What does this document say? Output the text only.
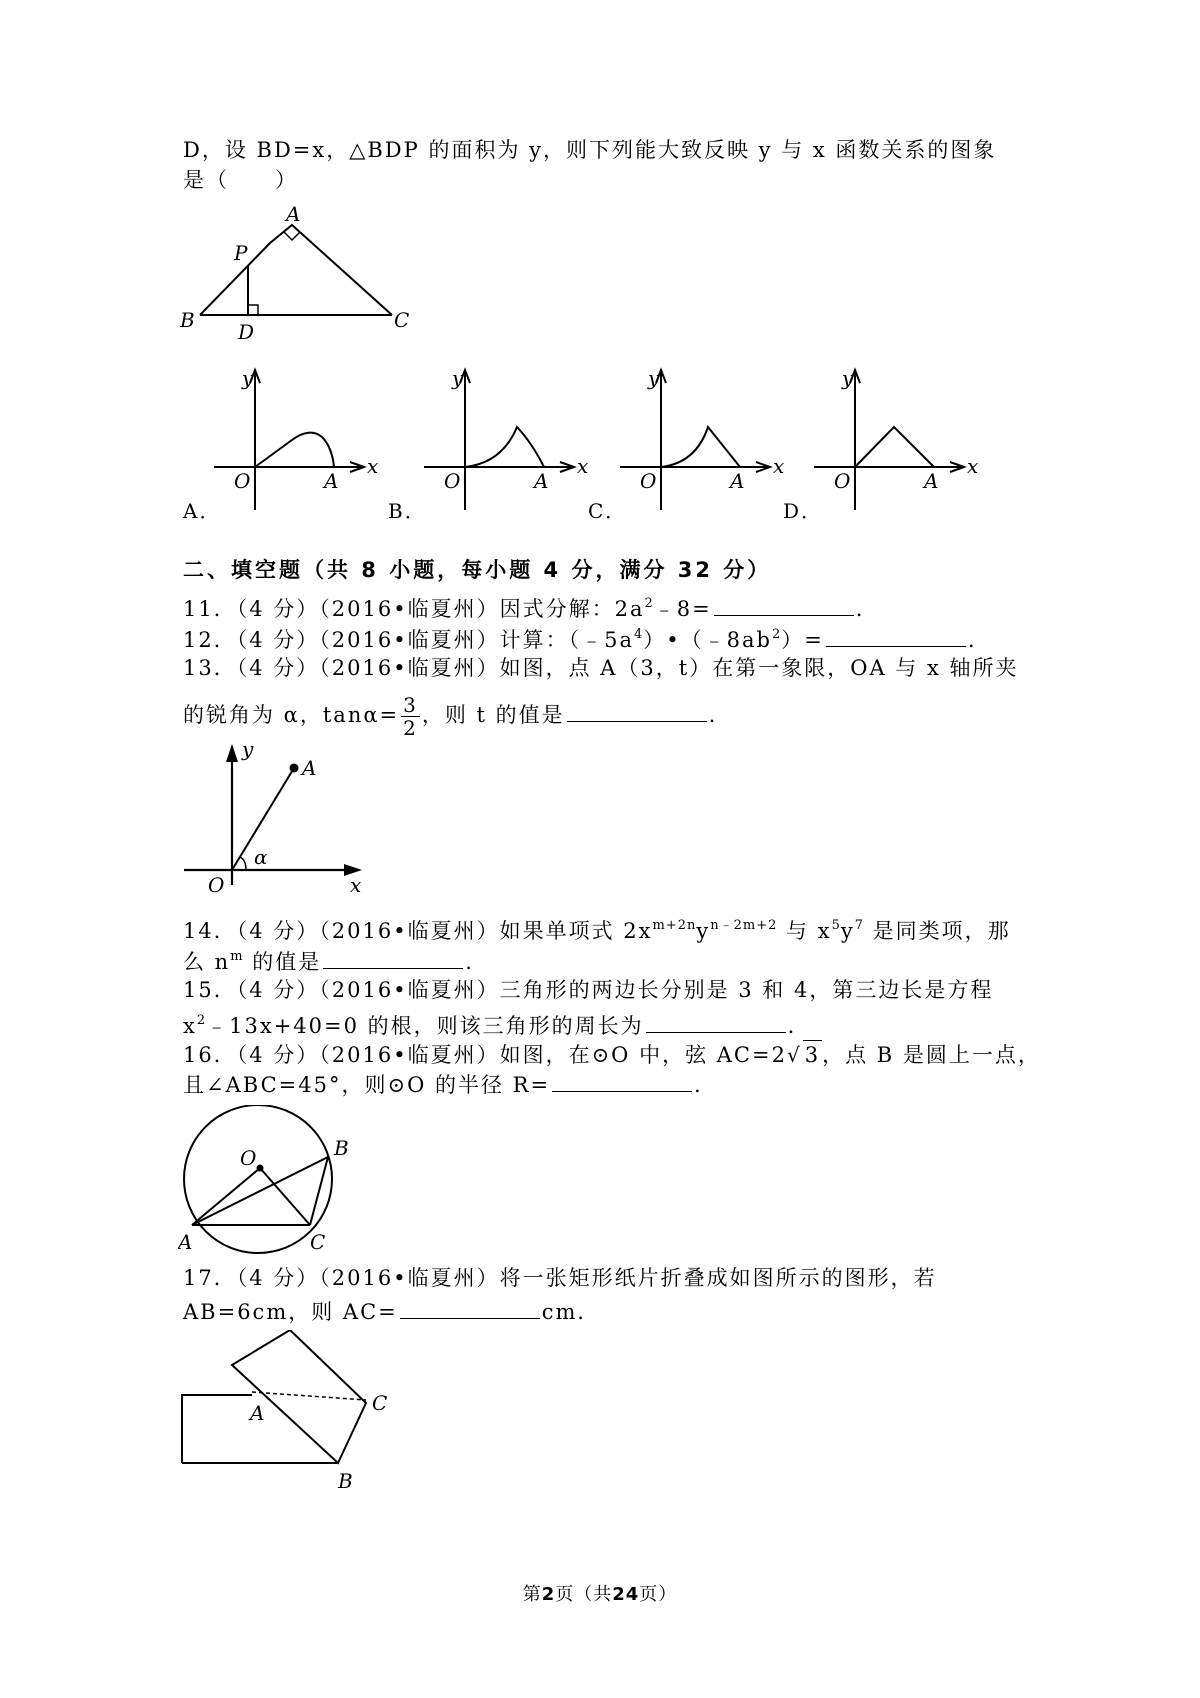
D，设 BD=x，△BDP 的面积为 y，则下列能大致反映 y 与 x 函数关系的图象
是（　　）
A
P
B	C
D
y
O	A
x
A．
y
O	A
x
B．
y
O	A
x
C．
y
O	A
x
D．
二、填空题（共 8 小题，每小题 4 分，满分 32 分）
11．（4 分）（2016•临夏州）因式分解：$2a^2﹣8=$	.
12．（4 分）（2016•临夏州）计算：$(﹣5a^4)•(﹣8ab^2)=$	.
13．（4 分）（2016•临夏州）如图，点 A（3，t）在第一象限，OA 与 x 轴所夹
的锐角为 α，$\tan\alpha= \frac{3}{2}$ ，则 t 的值是	.
y
A
α
O	x
14．（4 分）（2016•临夏州）如果单项式 $2x^{m+2n}y^{n﹣2m+2}$ 与 $x^5y^7$ 是同类项，那
么 $n^m$ 的值是	.
15．（4 分）（2016•临夏州）三角形的两边长分别是 3 和 4，第三边长是方程
$x^2﹣13x+40=0$ 的根，则该三角形的周长为	.
16．（4 分）（2016•临夏州）如图，在⊙O 中，弦 AC=2√ 3，点 B 是圆上一点，
且∠ABC=45°，则⊙O 的半径 R=	.
O	B
A	C
17．（4 分）（2016•临夏州）将一张矩形纸片折叠成如图所示的图形，若
AB=6cm，则 AC=	cm．
A	C
B
第2页（共24页）
